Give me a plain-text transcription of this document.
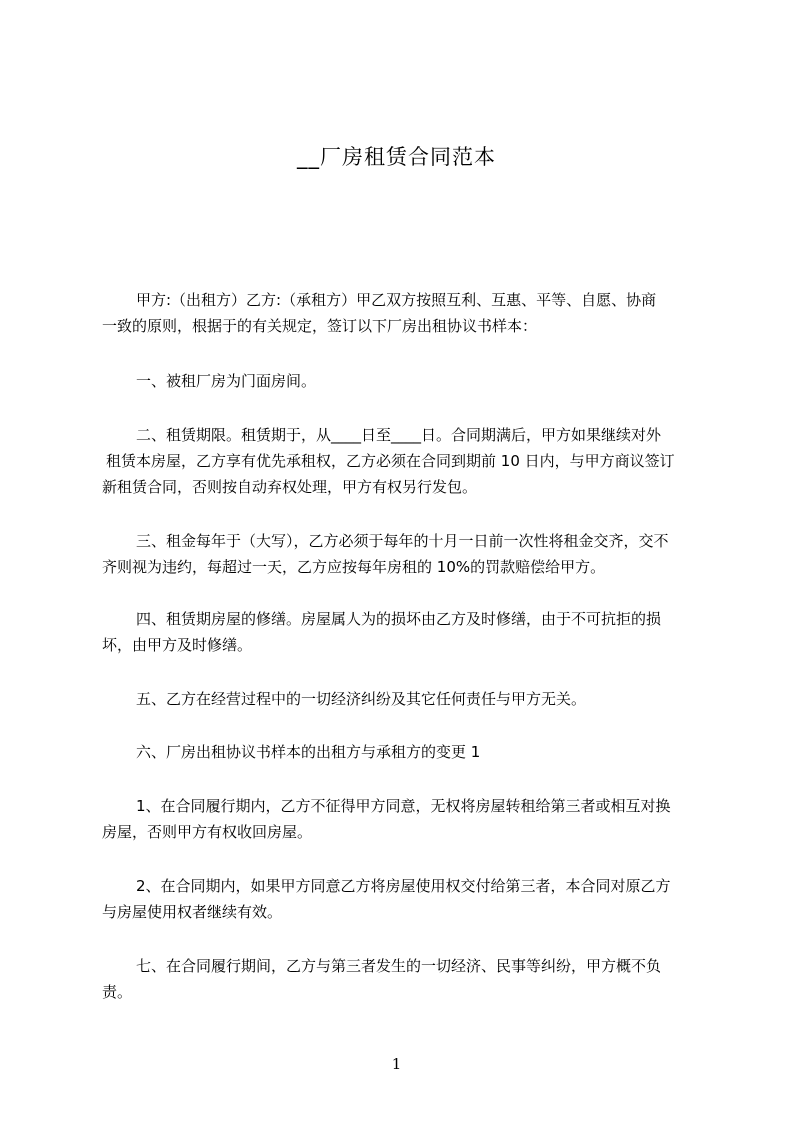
__厂房租赁合同范本

甲方:（出租方）乙方:（承租方）甲乙双方按照互利、互惠、平等、自愿、协商
一致的原则，根据于的有关规定，签订以下厂房出租协议书样本：

一、被租厂房为门面房间。

二、租赁期限。租赁期于，从____日至____日。合同期满后，甲方如果继续对外
租赁本房屋，乙方享有优先承租权，乙方必须在合同到期前 10 日内，与甲方商议签订
新租赁合同，否则按自动弃权处理，甲方有权另行发包。

三、租金每年于（大写），乙方必须于每年的十月一日前一次性将租金交齐，交不
齐则视为违约，每超过一天，乙方应按每年房租的 10%的罚款赔偿给甲方。

四、租赁期房屋的修缮。房屋属人为的损坏由乙方及时修缮，由于不可抗拒的损
坏，由甲方及时修缮。

五、乙方在经营过程中的一切经济纠纷及其它任何责任与甲方无关。

六、厂房出租协议书样本的出租方与承租方的变更 1

1、在合同履行期内，乙方不征得甲方同意，无权将房屋转租给第三者或相互对换
房屋，否则甲方有权收回房屋。

2、在合同期内，如果甲方同意乙方将房屋使用权交付给第三者，本合同对原乙方
与房屋使用权者继续有效。

七、在合同履行期间，乙方与第三者发生的一切经济、民事等纠纷，甲方概不负
责。

1
